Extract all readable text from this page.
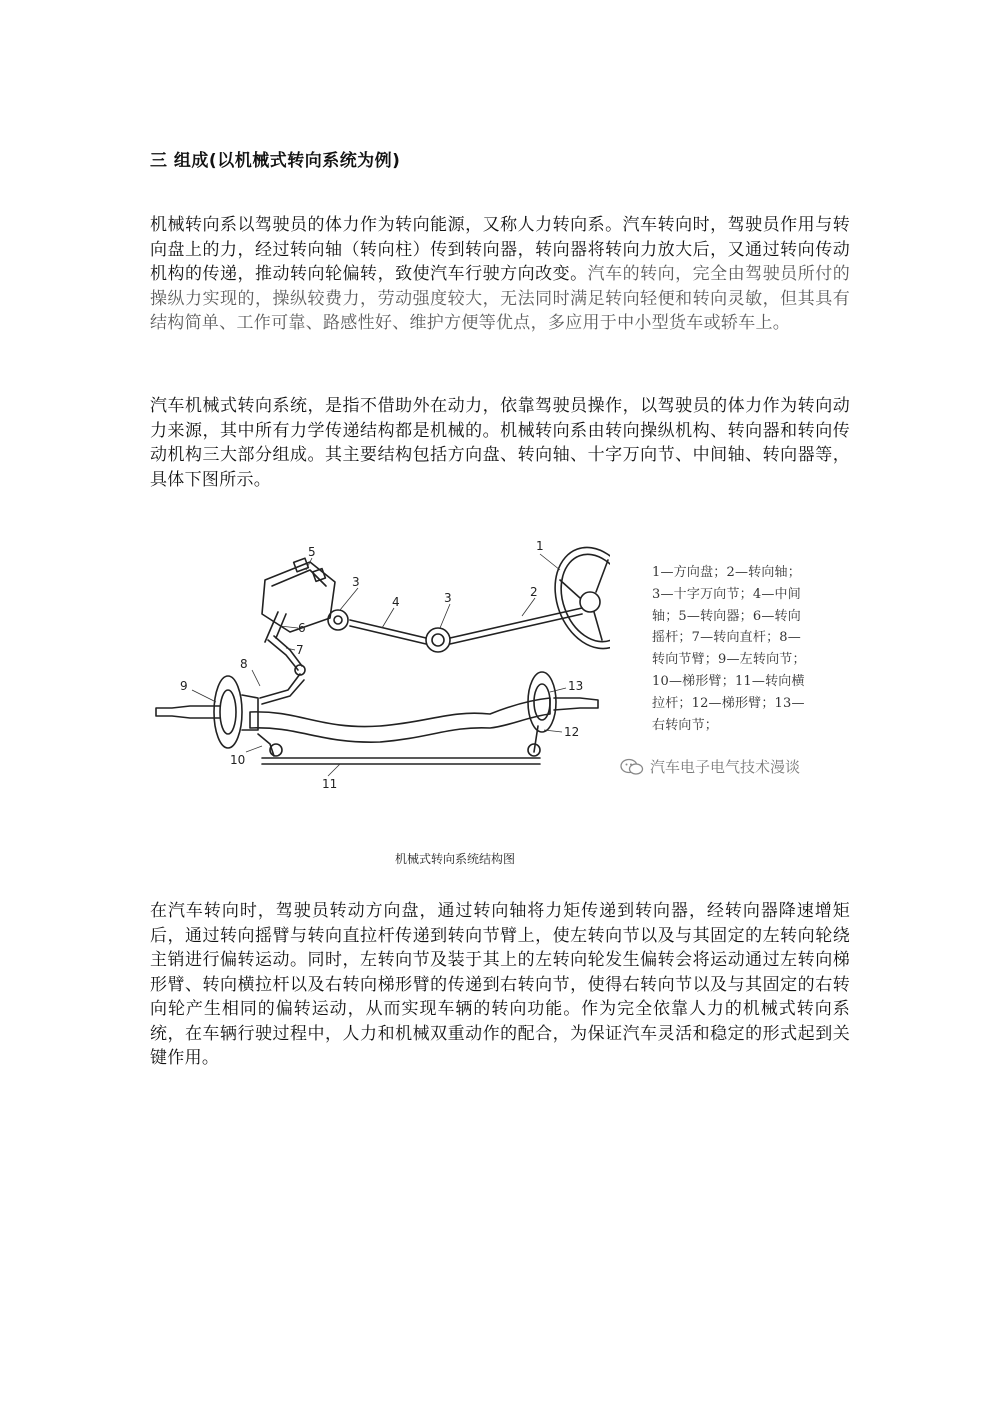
三 组成(以机械式转向系统为例)

机械转向系以驾驶员的体力作为转向能源，又称人力转向系。汽车转向时，驾驶员作用与转向盘上的力，经过转向轴（转向柱）传到转向器，转向器将转向力放大后，又通过转向传动机构的传递，推动转向轮偏转，致使汽车行驶方向改变。汽车的转向，完全由驾驶员所付的操纵力实现的，操纵较费力，劳动强度较大，无法同时满足转向轻便和转向灵敏，但其具有结构简单、工作可靠、路感性好、维护方便等优点，多应用于中小型货车或轿车上。

汽车机械式转向系统，是指不借助外在动力，依靠驾驶员操作，以驾驶员的体力作为转向动力来源，其中所有力学传递结构都是机械的。机械转向系由转向操纵机构、转向器和转向传动机构三大部分组成。其主要结构包括方向盘、转向轴、十字万向节、中间轴、转向器等，具体下图所示。

1
2
3
3
4
5
6
7
8
9
10
11
12
13
1—方向盘；2—转向轴；
3—十字万向节；4—中间
轴；5—转向器；6—转向
摇杆；7—转向直杆；8—
转向节臂；9—左转向节；
10—梯形臂；11—转向横
拉杆；12—梯形臂；13—
右转向节；
汽车电子电气技术漫谈

机械式转向系统结构图

在汽车转向时，驾驶员转动方向盘，通过转向轴将力矩传递到转向器，经转向器降速增矩后，通过转向摇臂与转向直拉杆传递到转向节臂上，使左转向节以及与其固定的左转向轮绕主销进行偏转运动。同时，左转向节及装于其上的左转向轮发生偏转会将运动通过左转向梯形臂、转向横拉杆以及右转向梯形臂的传递到右转向节，使得右转向节以及与其固定的右转向轮产生相同的偏转运动，从而实现车辆的转向功能。作为完全依靠人力的机械式转向系统，在车辆行驶过程中，人力和机械双重动作的配合，为保证汽车灵活和稳定的形式起到关键作用。
